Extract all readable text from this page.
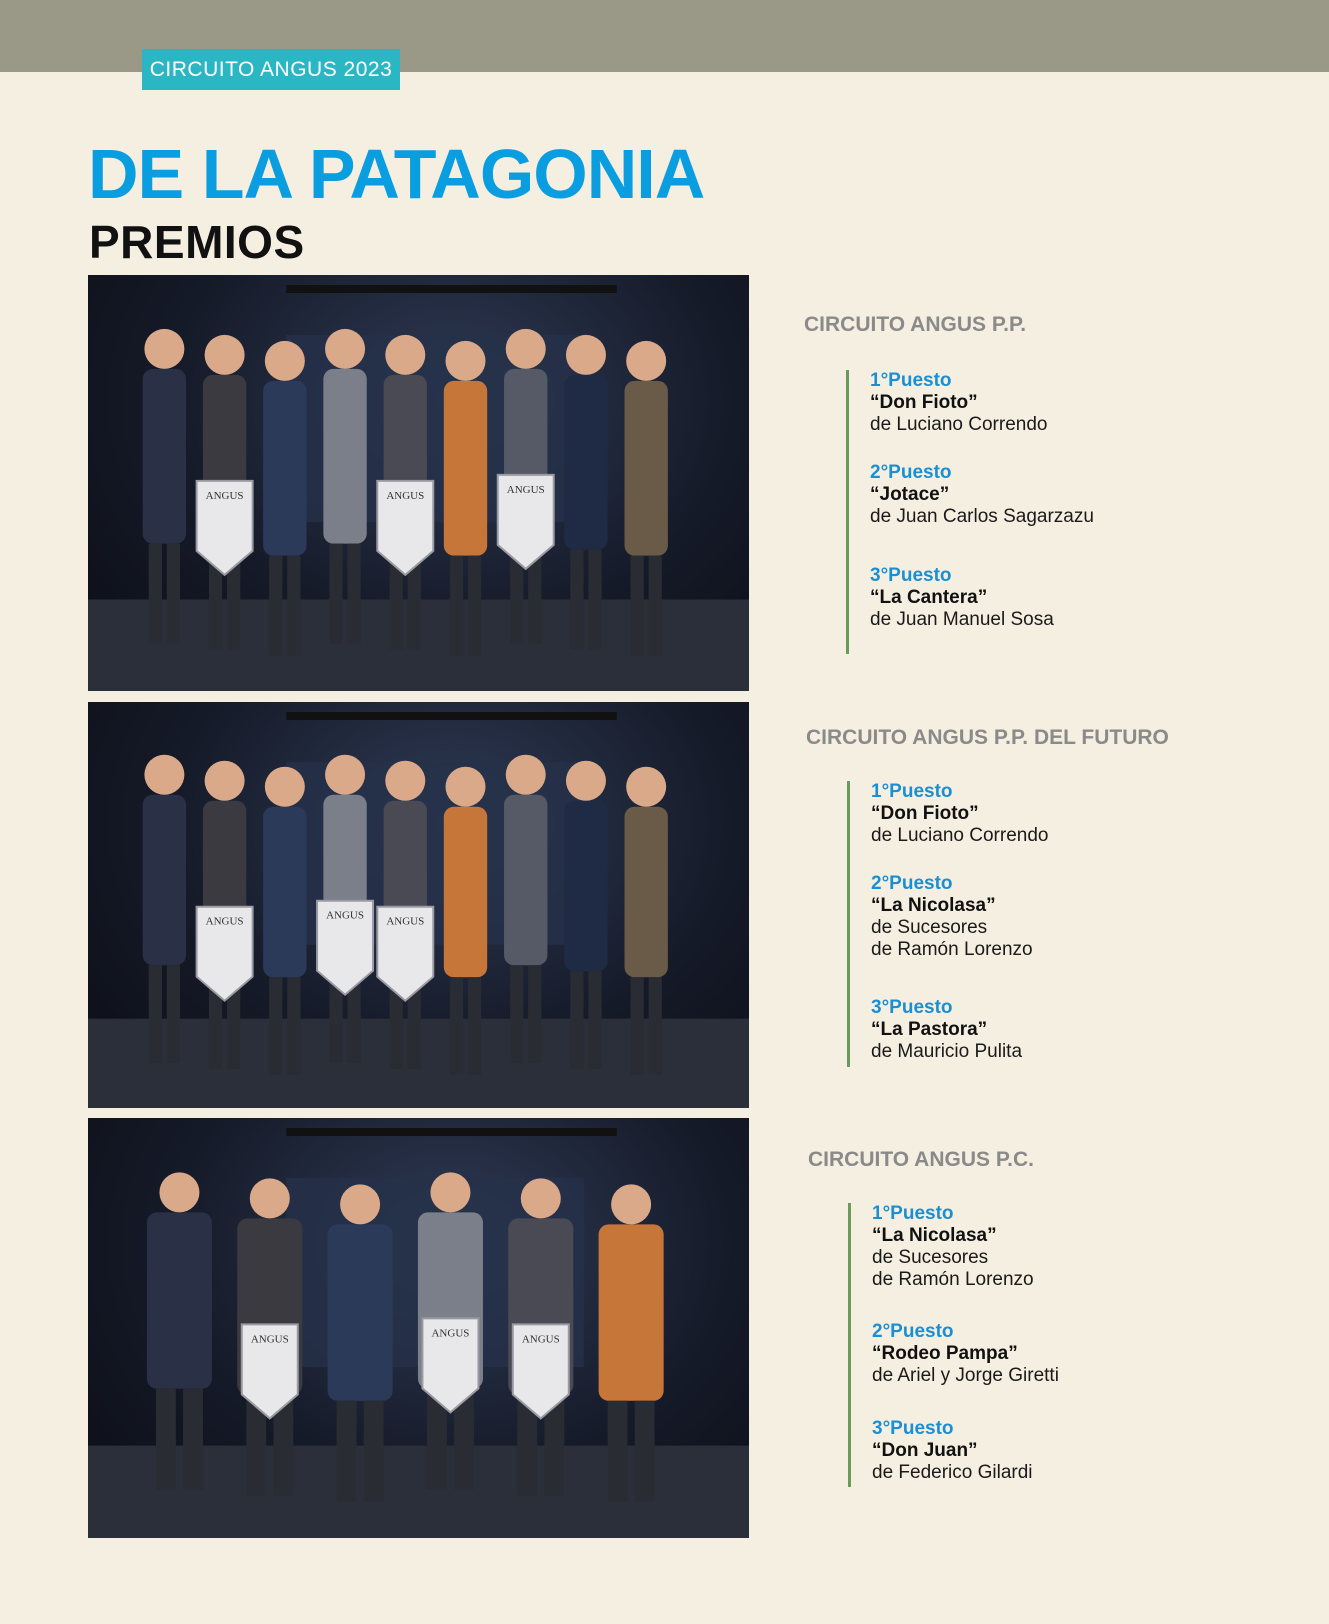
CIRCUITO ANGUS 2023
DE LA PATAGONIA
PREMIOS
ANGUS	ANGUS	ANGUS
ANGUS	ANGUS ANGUS
ANGUS	ANGUS	ANGUS
CIRCUITO ANGUS P.P.
1°Puesto
“Don Fioto”
de Luciano Correndo
2°Puesto
“Jotace”
de Juan Carlos Sagarzazu
3°Puesto
“La Cantera”
de Juan Manuel Sosa
CIRCUITO ANGUS P.P. DEL FUTURO
1°Puesto
“Don Fioto”
de Luciano Correndo
2°Puesto
“La Nicolasa”
de Sucesores
de Ramón Lorenzo
3°Puesto
“La Pastora”
de Mauricio Pulita
CIRCUITO ANGUS P.C.
1°Puesto
“La Nicolasa”
de Sucesores
de Ramón Lorenzo
2°Puesto
“Rodeo Pampa”
de Ariel y Jorge Giretti
3°Puesto
“Don Juan”
de Federico Gilardi
